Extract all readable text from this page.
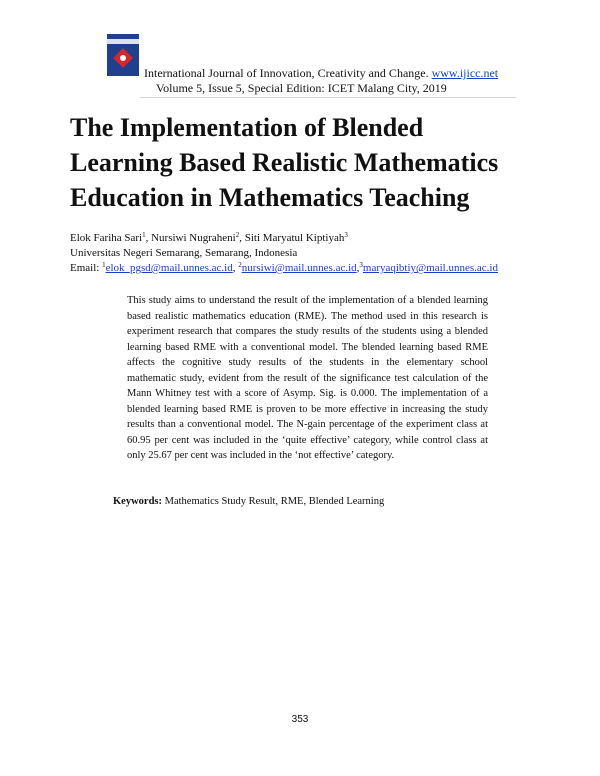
International Journal of Innovation, Creativity and Change. www.ijicc.net
Volume 5, Issue 5, Special Edition: ICET Malang City, 2019
The Implementation of Blended
Learning Based Realistic Mathematics
Education in Mathematics Teaching
Elok Fariha Sari$^1$, Nursiwi Nugraheni$^2$, Siti Maryatul Kiptiyah$^3$
Universitas Negeri Semarang, Semarang, Indonesia
Email: $^1$elok_pgsd@mail.unnes.ac.id, $^2$nursiwi@mail.unnes.ac.id,$^3$maryaqibtiy@mail.unnes.ac.id

This study aims to understand the result of the implementation of a blended learning based realistic mathematics education (RME). The method used in this research is experiment research that compares the study results of the students using a blended learning based RME with a conventional model. The blended learning based RME affects the cognitive study results of the students in the elementary school mathematic study, evident from the result of the significance test calculation of the Mann Whitney test with a score of Asymp. Sig. is 0.000. The implementation of a blended learning based RME is proven to be more effective in increasing the study results than a conventional model. The N-gain percentage of the experiment class at 60.95 per cent was included in the ‘quite effective’ category, while control class at only 25.67 per cent was included in the ‘not effective’ category.

Keywords: Mathematics Study Result, RME, Blended Learning
353
